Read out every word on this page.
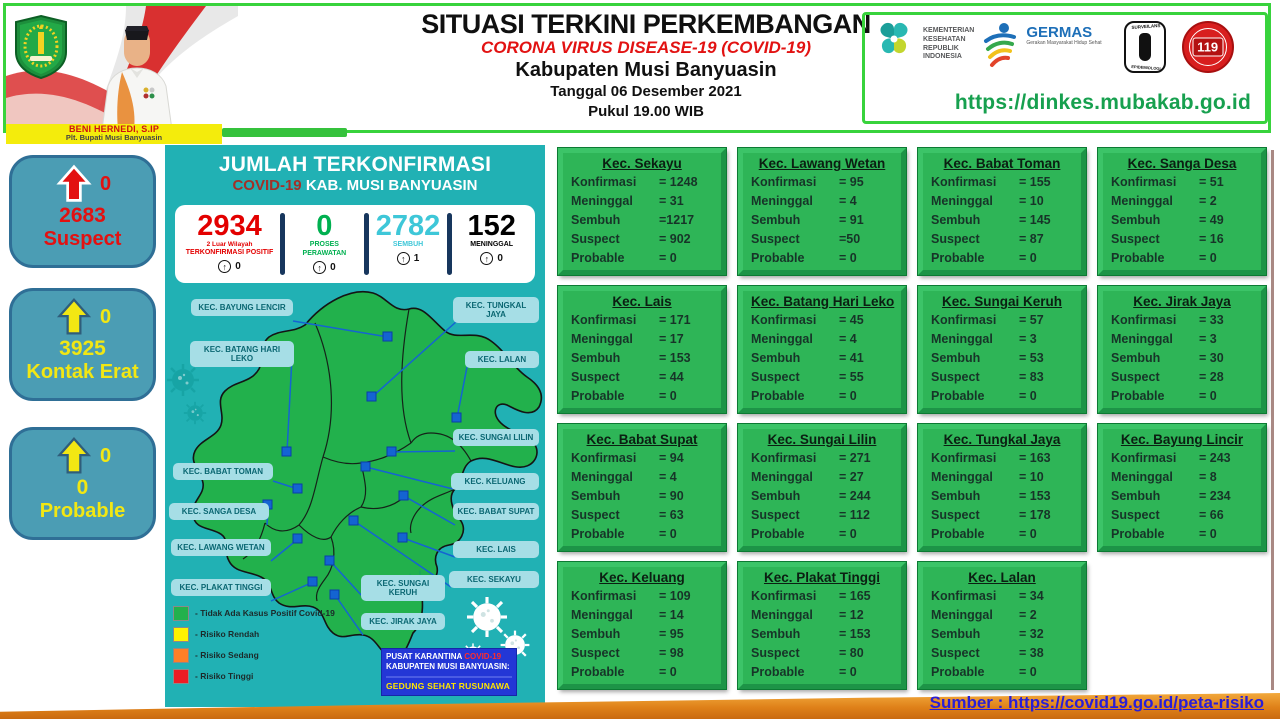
BENI HERNEDI, S.IP
Plt. Bupati Musi Banyuasin
SITUASI TERKINI PERKEMBANGAN
CORONA VIRUS DISEASE-19 (COVID-19)
Kabupaten Musi Banyuasin
Tanggal 06 Desember 2021
Pukul 19.00 WIB
KEMENTERIAN
KESEHATAN
REPUBLIK
INDONESIA
GERMAS
Gerakan Masyarakat Hidup Sehat
SURVEILANS
EPIDEMIOLOGI
119
https://dinkes.mubakab.go.id
0
2683
Suspect
0
3925
Kontak Erat
0
0
Probable
JUMLAH TERKONFIRMASI
COVID-19 KAB. MUSI BANYUASIN
2934
2 Luar Wilayah
TERKONFIRMASI POSITIF
↑ 0
0
PROSES PERAWATAN
↑ 0
2782
SEMBUH
↑ 1
152
MENINGGAL
↑ 0
KEC. BAYUNG LENCIR
KEC. BATANG HARI LEKO
KEC. BABAT TOMAN
KEC. SANGA DESA
KEC. LAWANG WETAN
KEC. PLAKAT TINGGI
KEC. TUNGKAL JAYA
KEC. LALAN
KEC. SUNGAI LILIN
KEC. KELUANG
KEC. BABAT SUPAT
KEC. LAIS
KEC. SEKAYU
KEC. SUNGAI KERUH
KEC. JIRAK JAYA
- Tidak Ada Kasus Positif Covid-19
- Risiko Rendah
- Risiko Sedang
- Risiko Tinggi
PUSAT KARANTINA COVID-19
KABUPATEN MUSI BANYUASIN:
GEDUNG SEHAT RUSUNAWA
Kec. Sekayu
Konfirmasi	= 1248
Meninggal	= 31
Sembuh	=1217
Suspect	= 902
Probable	= 0
Kec. Lawang Wetan
Konfirmasi	= 95
Meninggal	= 4
Sembuh	= 91
Suspect	=50
Probable	= 0
Kec. Babat Toman
Konfirmasi	= 155
Meninggal	= 10
Sembuh	= 145
Suspect	= 87
Probable	= 0
Kec. Sanga Desa
Konfirmasi	= 51
Meninggal	= 2
Sembuh	= 49
Suspect	= 16
Probable	= 0
Kec. Lais
Konfirmasi	= 171
Meninggal	= 17
Sembuh	= 153
Suspect	= 44
Probable	= 0
Kec. Batang Hari Leko
Konfirmasi	= 45
Meninggal	= 4
Sembuh	= 41
Suspect	= 55
Probable	= 0
Kec. Sungai Keruh
Konfirmasi	= 57
Meninggal	= 3
Sembuh	= 53
Suspect	= 83
Probable	= 0
Kec. Jirak Jaya
Konfirmasi	= 33
Meninggal	= 3
Sembuh	= 30
Suspect	= 28
Probable	= 0
Kec. Babat Supat
Konfirmasi	= 94
Meninggal	= 4
Sembuh	= 90
Suspect	= 63
Probable	= 0
Kec. Sungai Lilin
Konfirmasi	= 271
Meninggal	= 27
Sembuh	= 244
Suspect	= 112
Probable	= 0
Kec. Tungkal Jaya
Konfirmasi	= 163
Meninggal	= 10
Sembuh	= 153
Suspect	= 178
Probable	= 0
Kec. Bayung Lincir
Konfirmasi	= 243
Meninggal	= 8
Sembuh	= 234
Suspect	= 66
Probable	= 0
Kec. Keluang
Konfirmasi	= 109
Meninggal	= 14
Sembuh	= 95
Suspect	= 98
Probable	= 0
Kec. Plakat Tinggi
Konfirmasi	= 165
Meninggal	= 12
Sembuh	= 153
Suspect	= 80
Probable	= 0
Kec. Lalan
Konfirmasi	= 34
Meninggal	= 2
Sembuh	= 32
Suspect	= 38
Probable	= 0
Sumber : https://covid19.go.id/peta-risiko
